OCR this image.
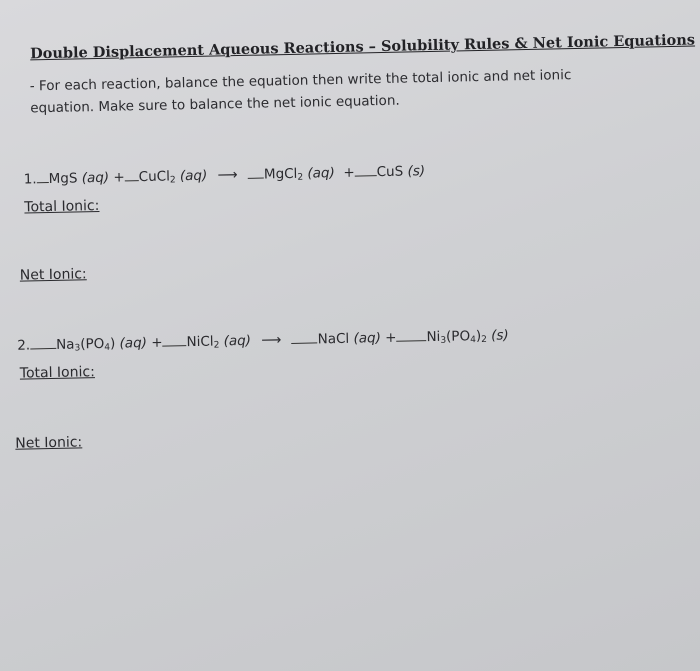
Double Displacement Aqueous Reactions – Solubility Rules & Net Ionic Equations
- For each reaction, balance the equation then write the total ionic and net ionic equation. Make sure to balance the net ionic equation.
1. MgS (aq) + CuCl$_2$ (aq) ⟶ MgCl$_2$ (aq) + CuS (s)
Total Ionic:
Net Ionic:
2. $Na_3(PO_4) (aq)$ + NiCl$_2$ (aq) ⟶	NaCl $(aq) + Ni_3(PO_4)_2$ (s)
Total Ionic:
Net Ionic:
